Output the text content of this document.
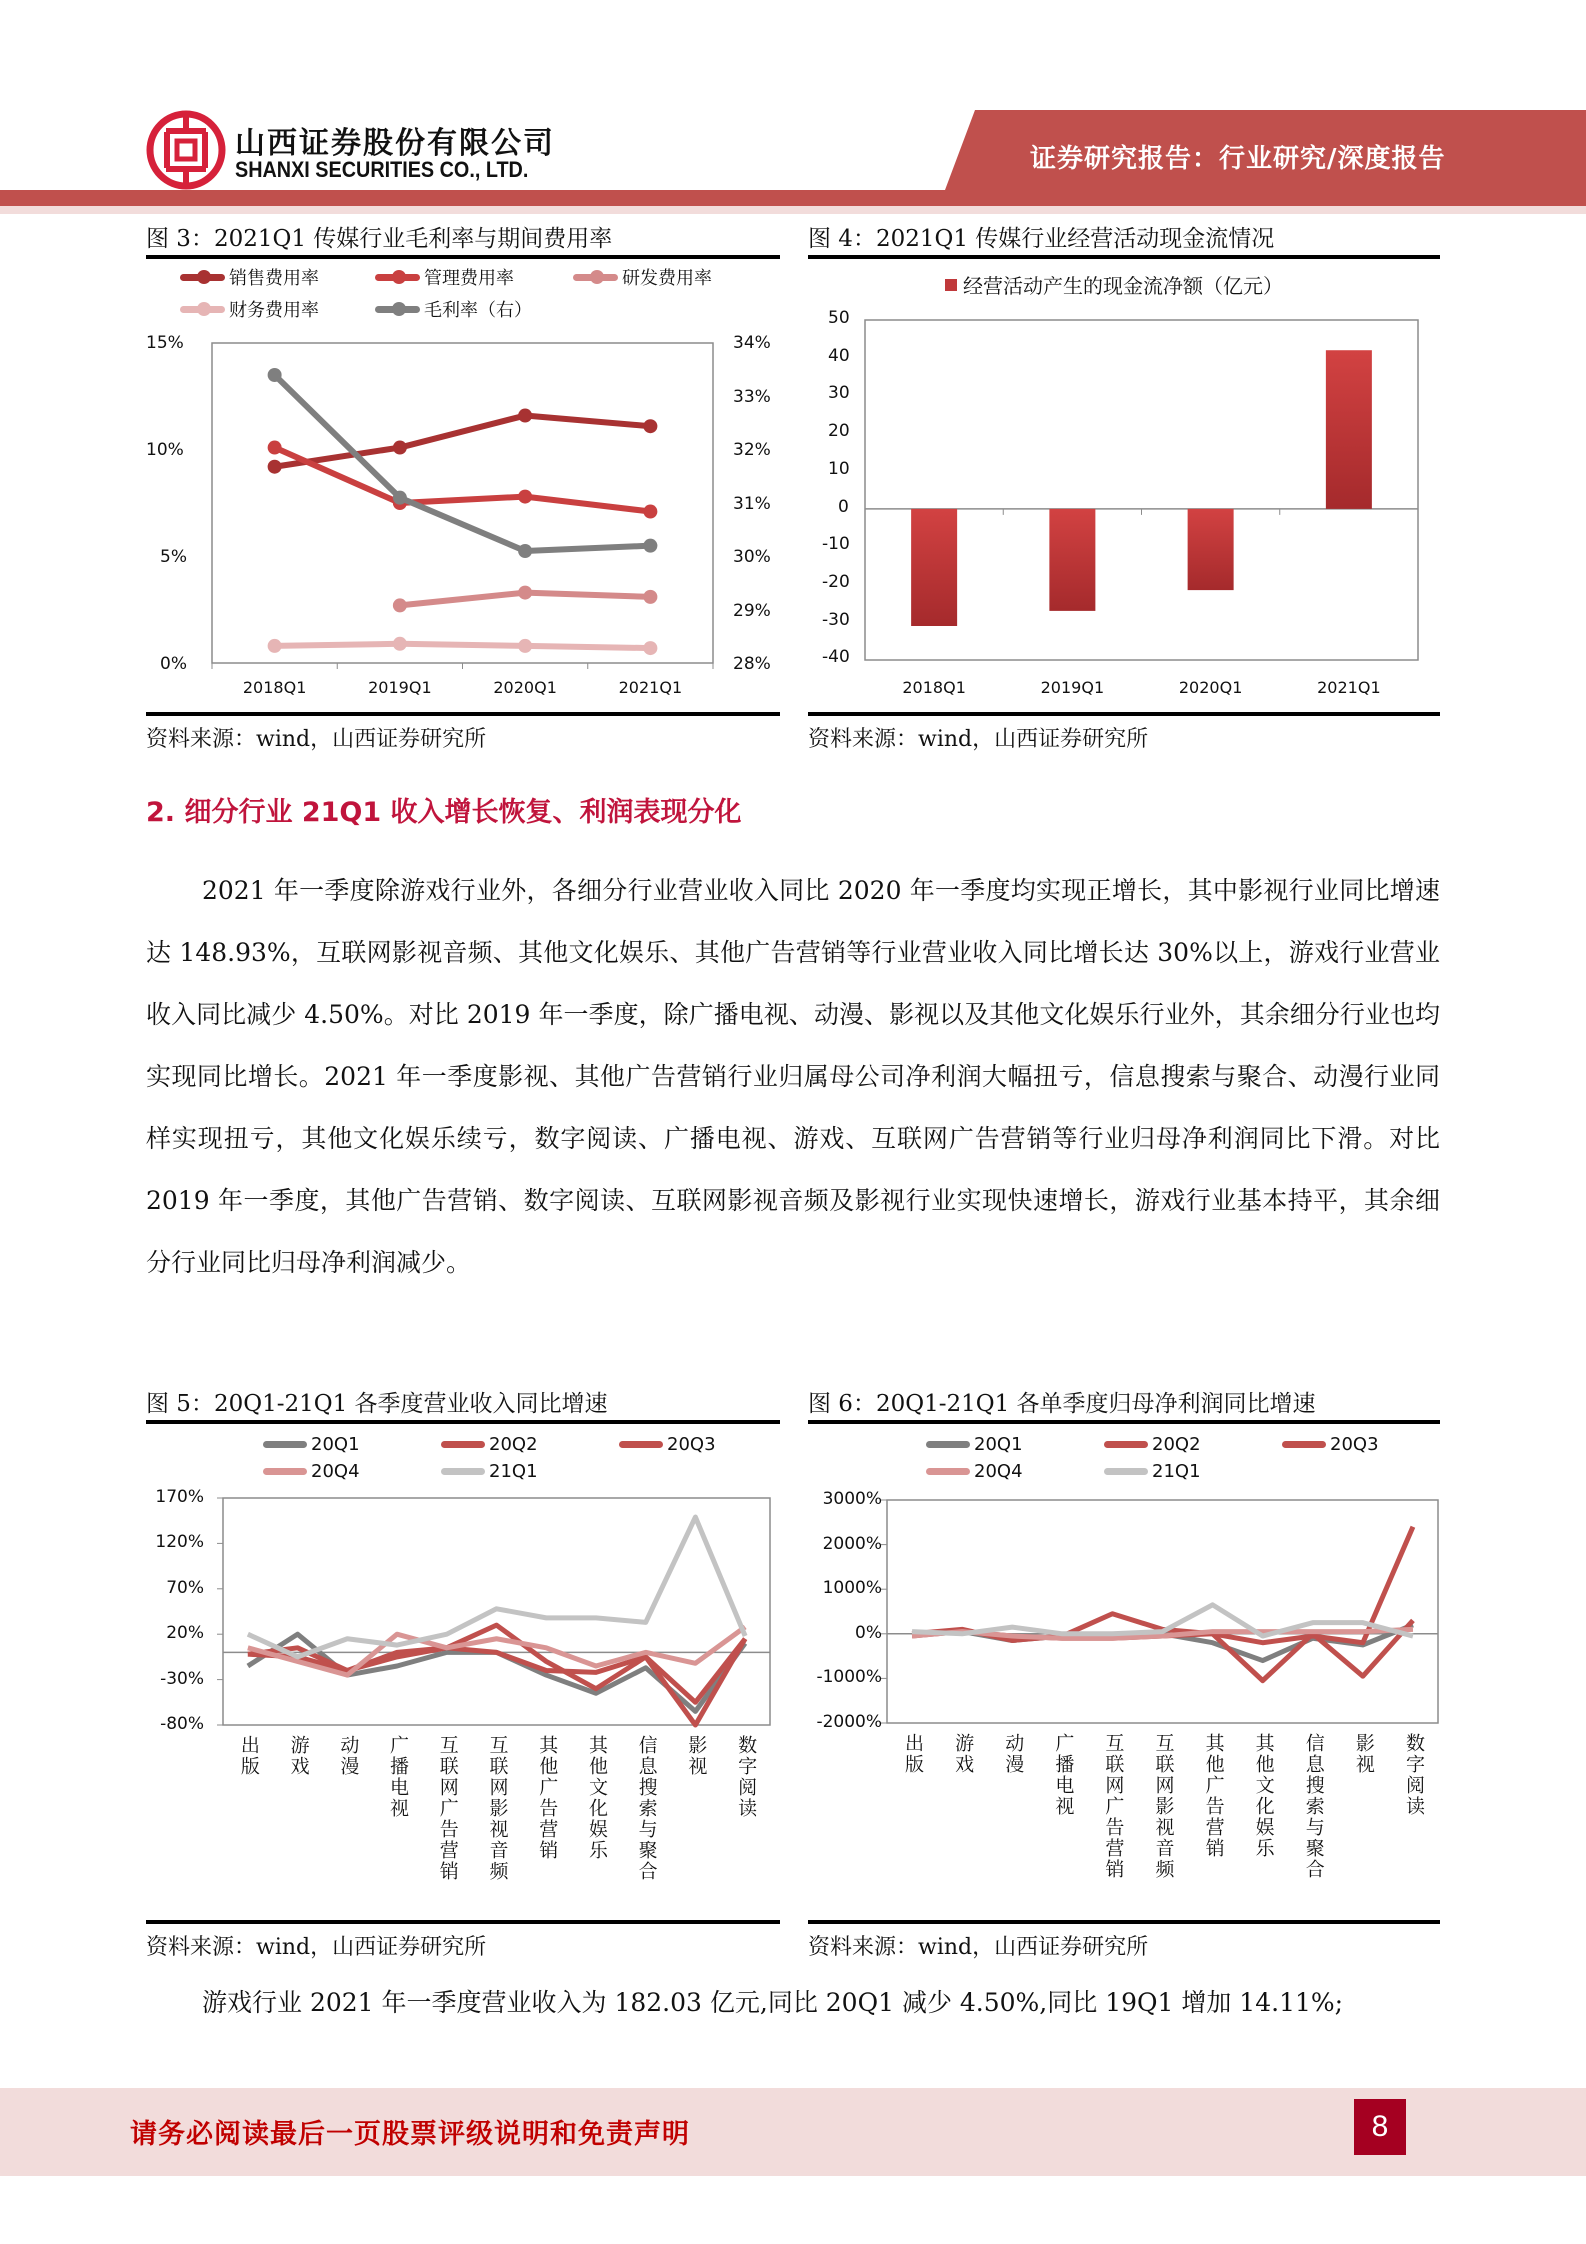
山西证券股份有限公司
SHANXI SECURITIES CO., LTD.	证券研究报告：行业研究/深度报告
图 3：2021Q1 传媒行业毛利率与期间费用率
销售费用率	管理费用率	研发费用率
财务费用率	毛利率（右）
15%
10%
5%
0%
34%
33%
32%
31%
30%
29%
28%
2018Q1	2019Q1	2020Q1	2021Q1
资料来源：wind，山西证券研究所
图 4：2021Q1 传媒行业经营活动现金流情况
经营活动产生的现金流净额（亿元）
50
40
30
20
10
0
-10
-20
-30
-40
2018Q1	2019Q1	2020Q1	2021Q1
资料来源：wind，山西证券研究所
2. 细分行业 21Q1 收入增长恢复、利润表现分化
2021 年一季度除游戏行业外，各细分行业营业收入同比 2020 年一季度均实现正增长，其中影视行业同比增速达 148.93%，互联网影视音频、其他文化娱乐、其他广告营销等行业营业收入同比增长达 30%以上，游戏行业营业收入同比减少 4.50%。对比 2019 年一季度，除广播电视、动漫、影视以及其他文化娱乐行业外，其余细分行业也均实现同比增长。2021 年一季度影视、其他广告营销行业归属母公司净利润大幅扭亏，信息搜索与聚合、动漫行业同样实现扭亏，其他文化娱乐续亏，数字阅读、广播电视、游戏、互联网广告营销等行业归母净利润同比下滑。对比 2019 年一季度，其他广告营销、数字阅读、互联网影视音频及影视行业实现快速增长，游戏行业基本持平，其余细分行业同比归母净利润减少。
图 5：20Q1-21Q1 各季度营业收入同比增速
20Q1	20Q2	20Q3
20Q4	21Q1
170%
120%
70%
20%
-30%
-80%
出版 游戏 动漫 广播电视 互联网广告营销 互联网影视音频 其他广告营销 其他文化娱乐 信息搜索与聚合 影视 数字阅读
资料来源：wind，山西证券研究所
图 6：20Q1-21Q1 各单季度归母净利润同比增速
20Q1	20Q2	20Q3
20Q4	21Q1
3000%
2000%
1000%
0%
-1000%
-2000%
出版 游戏 动漫 广播电视 互联网广告营销 互联网影视音频 其他广告营销 其他文化娱乐 信息搜索与聚合 影视 数字阅读
资料来源：wind，山西证券研究所
游戏行业 2021 年一季度营业收入为 182.03 亿元,同比 20Q1 减少 4.50%,同比 19Q1 增加 14.11%;
请务必阅读最后一页股票评级说明和免责声明	8
